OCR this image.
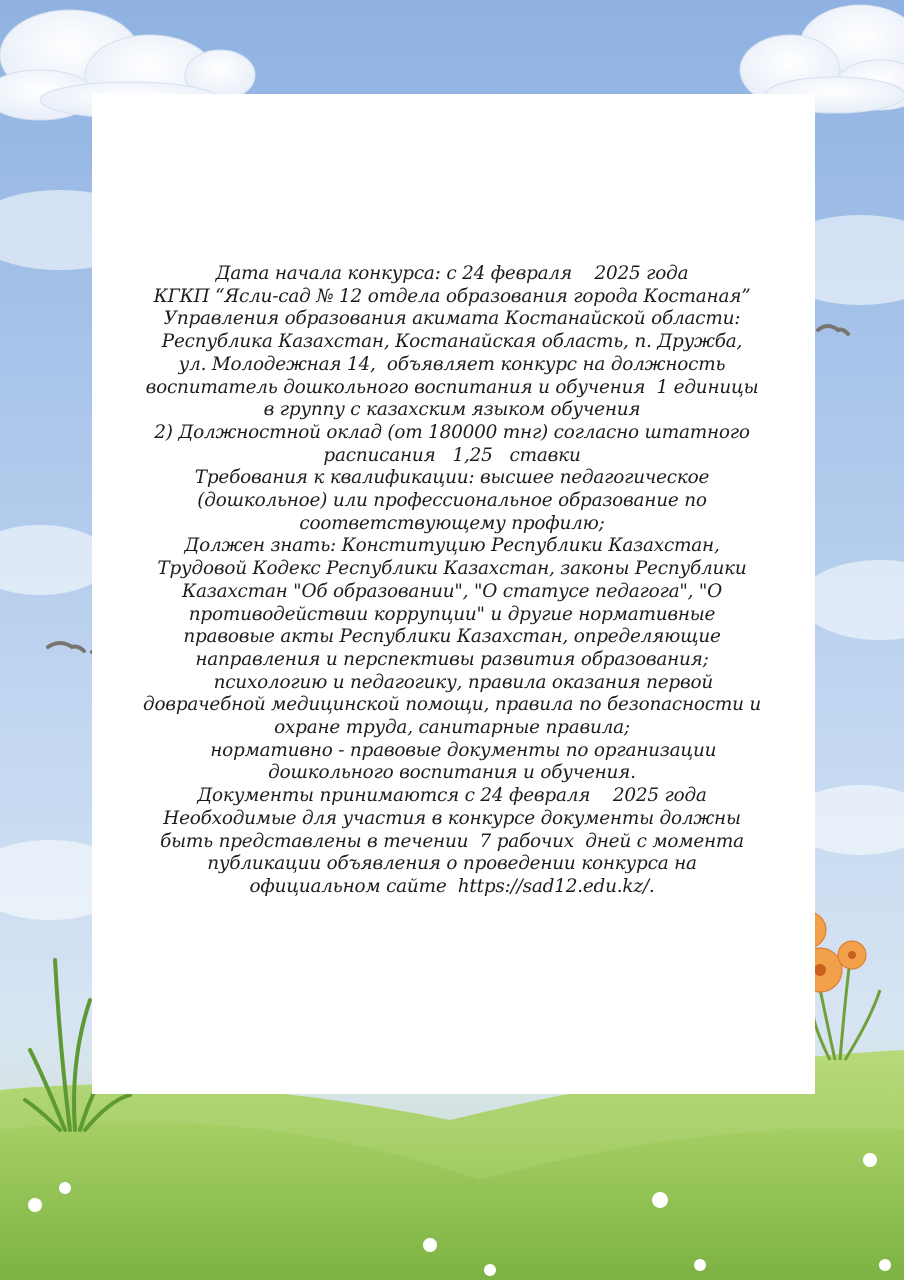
Дата начала конкурса: с 24 февраля    2025 года
КГКП “Ясли-сад № 12 отдела образования города Костаная”
Управления образования акимата Костанайской области:
Республика Казахстан, Костанайская область, п. Дружба,
ул. Молодежная 14,  объявляет конкурс на должность
воспитатель дошкольного воспитания и обучения  1 единицы
в группу с казахским языком обучения
2) Должностной оклад (от 180000 тнг) согласно штатного
расписания   1,25   ставки
Требования к квалификации: высшее педагогическое
(дошкольное) или профессиональное образование по
соответствующему профилю;
Должен знать: Конституцию Республики Казахстан,
Трудовой Кодекс Республики Казахстан, законы Республики
Казахстан "Об образовании", "О статусе педагога", "О
противодействии коррупции" и другие нормативные
правовые акты Республики Казахстан, определяющие
направления и перспективы развития образования;
психологию и педагогику, правила оказания первой
доврачебной медицинской помощи, правила по безопасности и
охране труда, санитарные правила;
нормативно - правовые документы по организации
дошкольного воспитания и обучения.
Документы принимаются с 24 февраля    2025 года
Необходимые для участия в конкурсе документы должны
быть представлены в течении  7 рабочих  дней с момента
публикации объявления о проведении конкурса на
официальном сайте  https://sad12.edu.kz/.
